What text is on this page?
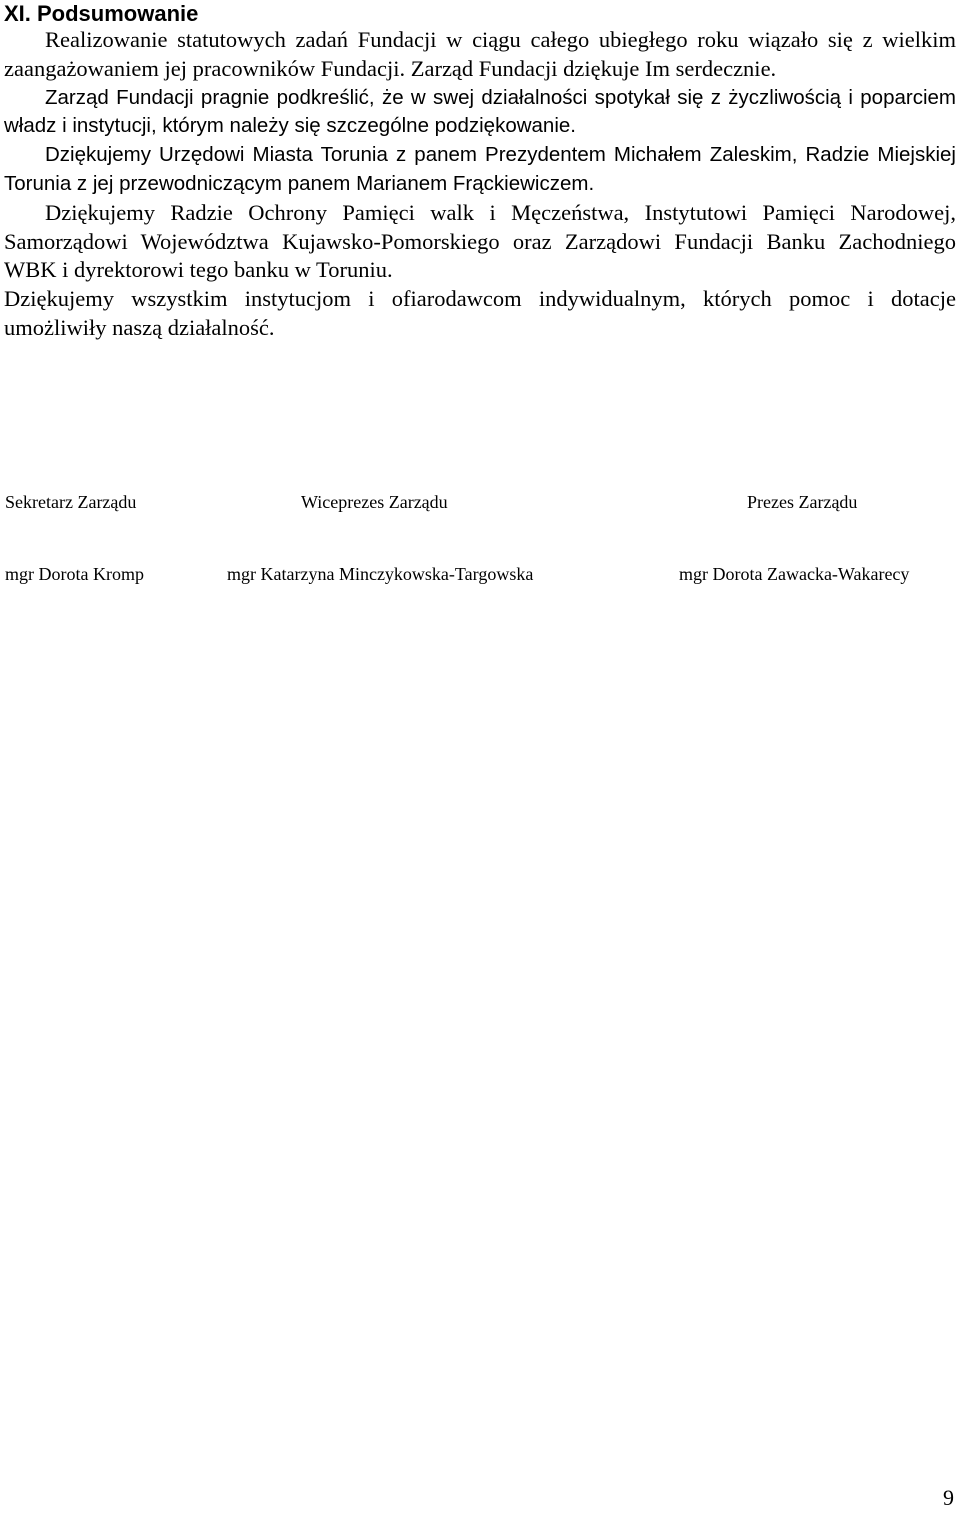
XI. Podsumowanie

Realizowanie statutowych zadań Fundacji w ciągu całego ubiegłego roku wiązało się z wielkim zaangażowaniem jej pracowników Fundacji. Zarząd Fundacji dziękuje Im serdecznie.

Zarząd Fundacji pragnie podkreślić, że w swej działalności spotykał się z życzliwością i poparciem władz i instytucji, którym należy się szczególne podziękowanie.

Dziękujemy Urzędowi Miasta Torunia z panem Prezydentem Michałem Zaleskim, Radzie Miejskiej Torunia z jej przewodniczącym panem Marianem Frąckiewiczem.

Dziękujemy Radzie Ochrony Pamięci walk i Męczeństwa, Instytutowi Pamięci Narodowej, Samorządowi Województwa Kujawsko-Pomorskiego oraz Zarządowi Fundacji Banku Zachodniego WBK i dyrektorowi tego banku w Toruniu.

Dziękujemy wszystkim instytucjom i ofiarodawcom indywidualnym, których pomoc i dotacje umożliwiły naszą działalność.

Sekretarz Zarządu	Wiceprezes Zarządu	Prezes Zarządu
mgr Dorota Kromp	mgr Katarzyna Minczykowska-Targowska	mgr Dorota Zawacka-Wakarecy
9
